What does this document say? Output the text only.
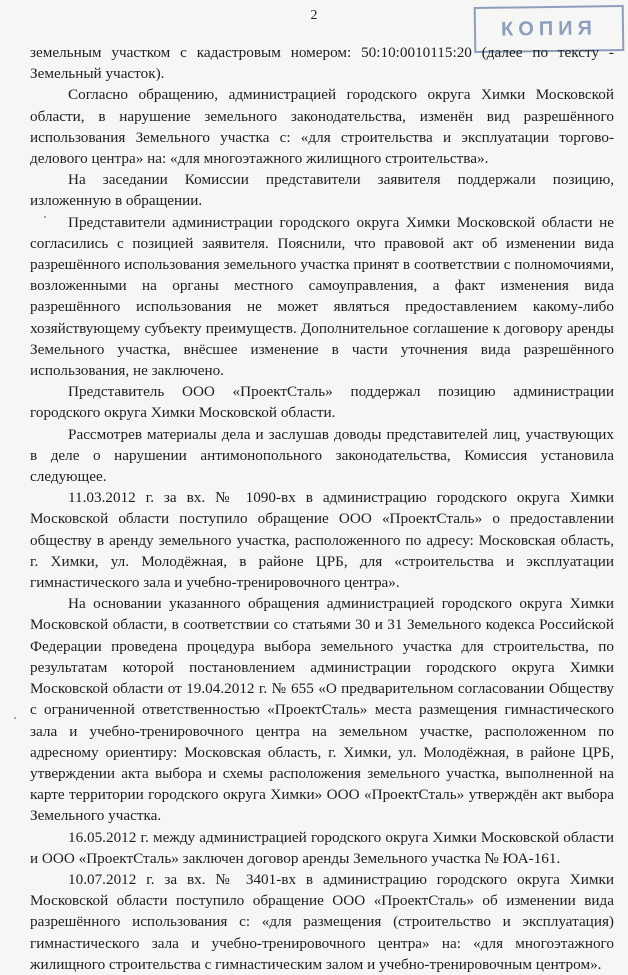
2

КОПИЯ

земельным участком с кадастровым номером: 50:10:0010115:20 (далее по тексту - Земельный участок).

Согласно обращению, администрацией городского округа Химки Московской области, в нарушение земельного законодательства, изменён вид разрешённого использования Земельного участка с: «для строительства и эксплуатации торгово-делового центра» на: «для многоэтажного жилищного строительства».

На заседании Комиссии представители заявителя поддержали позицию, изложенную в обращении.

Представители администрации городского округа Химки Московской области не согласились с позицией заявителя. Пояснили, что правовой акт об изменении вида разрешённого использования земельного участка принят в соответствии с полномочиями, возложенными на органы местного самоуправления, а факт изменения вида разрешённого использования не может являться предоставлением какому-либо хозяйствующему субъекту преимуществ. Дополнительное соглашение к договору аренды Земельного участка, внёсшее изменение в части уточнения вида разрешённого использования, не заключено.

Представитель ООО «ПроектСталь» поддержал позицию администрации городского округа Химки Московской области.

Рассмотрев материалы дела и заслушав доводы представителей лиц, участвующих в деле о нарушении антимонопольного законодательства, Комиссия установила следующее.

11.03.2012 г. за вх. № 1090-вх в администрацию городского округа Химки Московской области поступило обращение ООО «ПроектСталь» о предоставлении обществу в аренду земельного участка, расположенного по адресу: Московская область, г. Химки, ул. Молодёжная, в районе ЦРБ, для «строительства и эксплуатации гимнастического зала и учебно-тренировочного центра».

На основании указанного обращения администрацией городского округа Химки Московской области, в соответствии со статьями 30 и 31 Земельного кодекса Российской Федерации проведена процедура выбора земельного участка для строительства, по результатам которой постановлением администрации городского округа Химки Московской области от 19.04.2012 г. № 655 «О предварительном согласовании Обществу с ограниченной ответственностью «ПроектСталь» места размещения гимнастического зала и учебно-тренировочного центра на земельном участке, расположенном по адресному ориентиру: Московская область, г. Химки, ул. Молодёжная, в районе ЦРБ, утверждении акта выбора и схемы расположения земельного участка, выполненной на карте территории городского округа Химки» ООО «ПроектСталь» утверждён акт выбора Земельного участка.

16.05.2012 г. между администрацией городского округа Химки Московской области и ООО «ПроектСталь» заключен договор аренды Земельного участка № ЮА-161.

10.07.2012 г. за вх. № 3401-вх в администрацию городского округа Химки Московской области поступило обращение ООО «ПроектСталь» об изменении вида разрешённого использования с: «для размещения (строительство и эксплуатация) гимнастического зала и учебно-тренировочного центра» на: «для многоэтажного жилищного строительства с гимнастическим залом и учебно-тренировочным центром».
